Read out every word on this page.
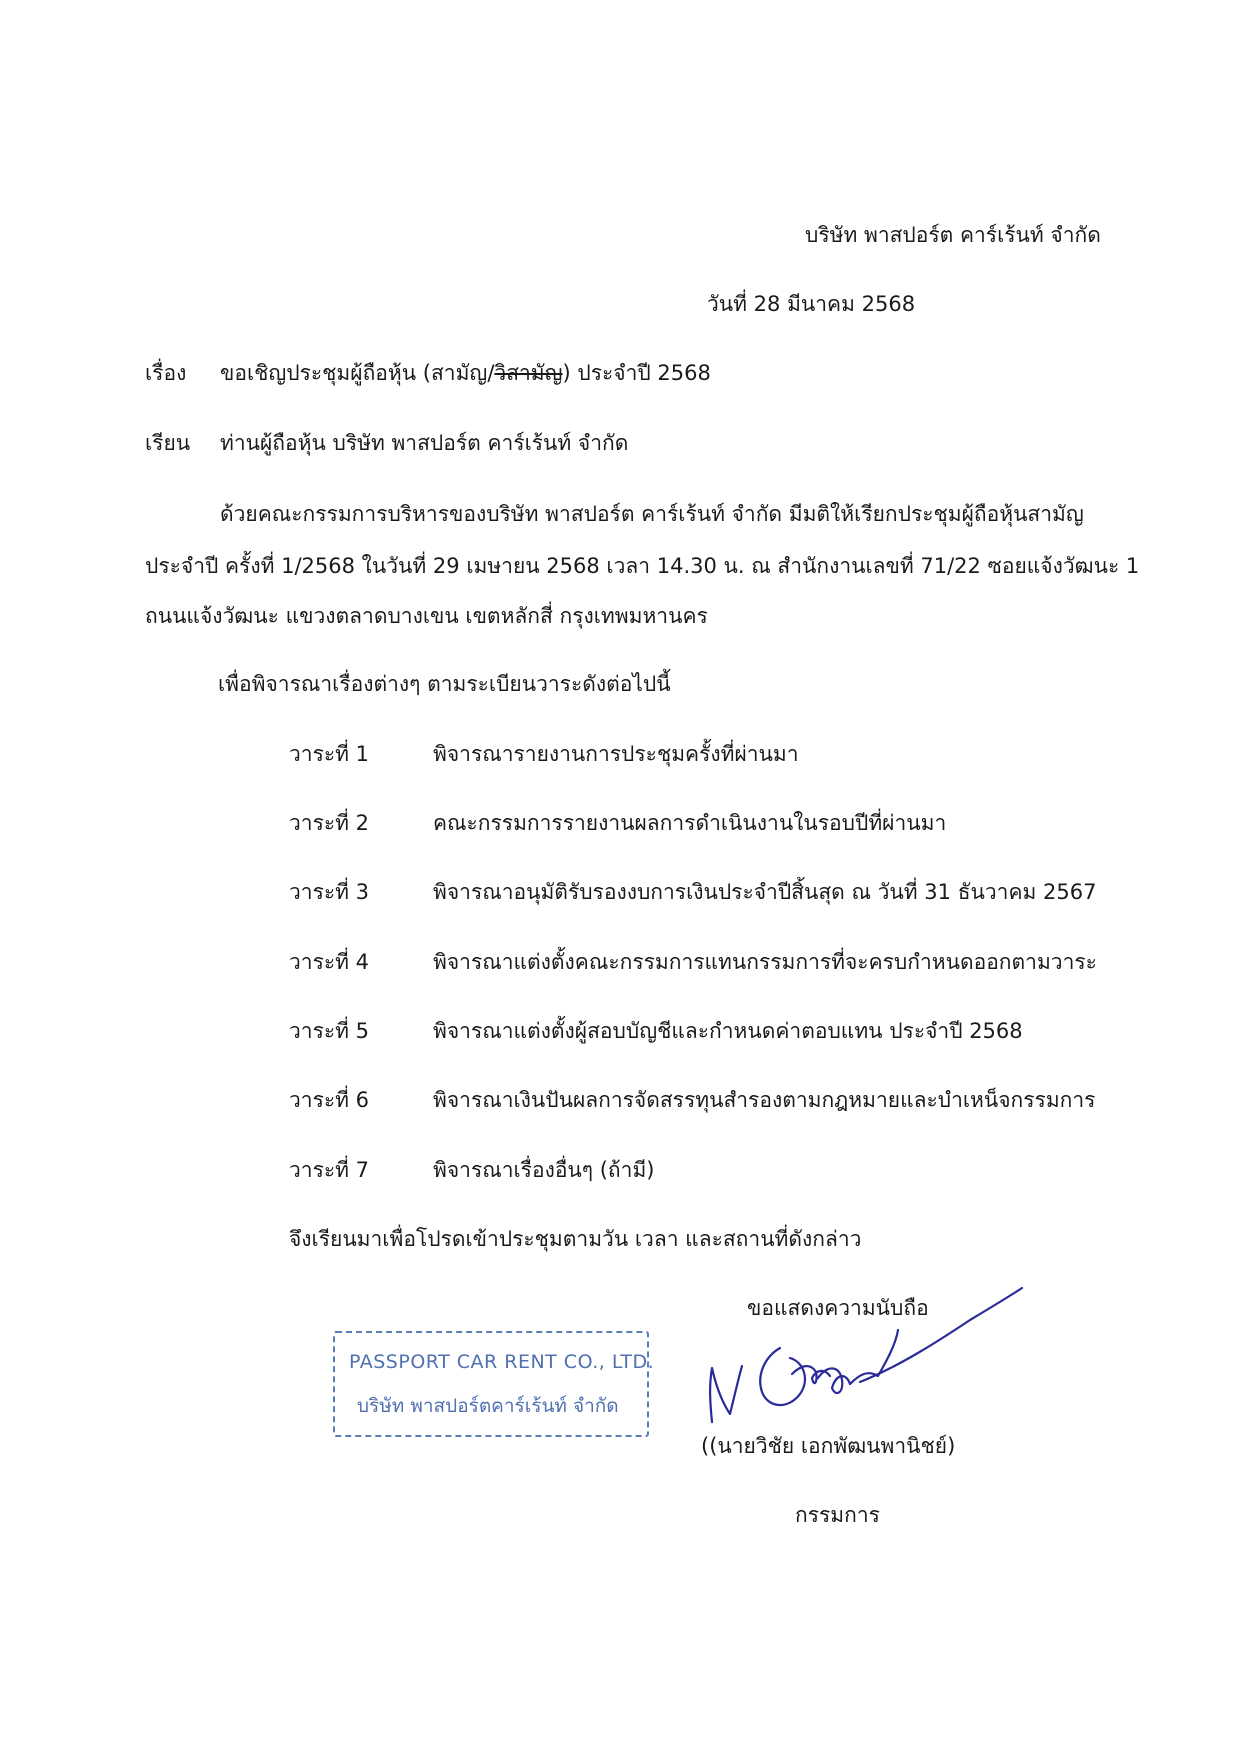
บริษัท พาสปอร์ต คาร์เร้นท์ จำกัด
วันที่ 28 มีนาคม 2568
เรื่อง ขอเชิญประชุมผู้ถือหุ้น (สามัญ/วิสามัญ) ประจำปี 2568
เรียน ท่านผู้ถือหุ้น บริษัท พาสปอร์ต คาร์เร้นท์ จำกัด
ด้วยคณะกรรมการบริหารของบริษัท พาสปอร์ต คาร์เร้นท์ จำกัด มีมติให้เรียกประชุมผู้ถือหุ้นสามัญ
ประจำปี ครั้งที่ 1/2568 ในวันที่ 29 เมษายน 2568 เวลา 14.30 น. ณ สำนักงานเลขที่ 71/22 ซอยแจ้งวัฒนะ 1
ถนนแจ้งวัฒนะ แขวงตลาดบางเขน เขตหลักสี่ กรุงเทพมหานคร
เพื่อพิจารณาเรื่องต่างๆ ตามระเบียนวาระดังต่อไปนี้
วาระที่ 1	พิจารณารายงานการประชุมครั้งที่ผ่านมา
วาระที่ 2	คณะกรรมการรายงานผลการดำเนินงานในรอบปีที่ผ่านมา
วาระที่ 3	พิจารณาอนุมัติรับรองงบการเงินประจำปีสิ้นสุด ณ วันที่ 31 ธันวาคม 2567
วาระที่ 4	พิจารณาแต่งตั้งคณะกรรมการแทนกรรมการที่จะครบกำหนดออกตามวาระ
วาระที่ 5	พิจารณาแต่งตั้งผู้สอบบัญชีและกำหนดค่าตอบแทน ประจำปี 2568
วาระที่ 6	พิจารณาเงินปันผลการจัดสรรทุนสำรองตามกฎหมายและบำเหน็จกรรมการ
วาระที่ 7	พิจารณาเรื่องอื่นๆ (ถ้ามี)
จึงเรียนมาเพื่อโปรดเข้าประชุมตามวัน เวลา และสถานที่ดังกล่าว
ขอแสดงความนับถือ
PASSPORT CAR RENT CO., LTD.
บริษัท พาสปอร์ตคาร์เร้นท์ จำกัด
((นายวิชัย เอกพัฒนพานิชย์)
กรรมการ
